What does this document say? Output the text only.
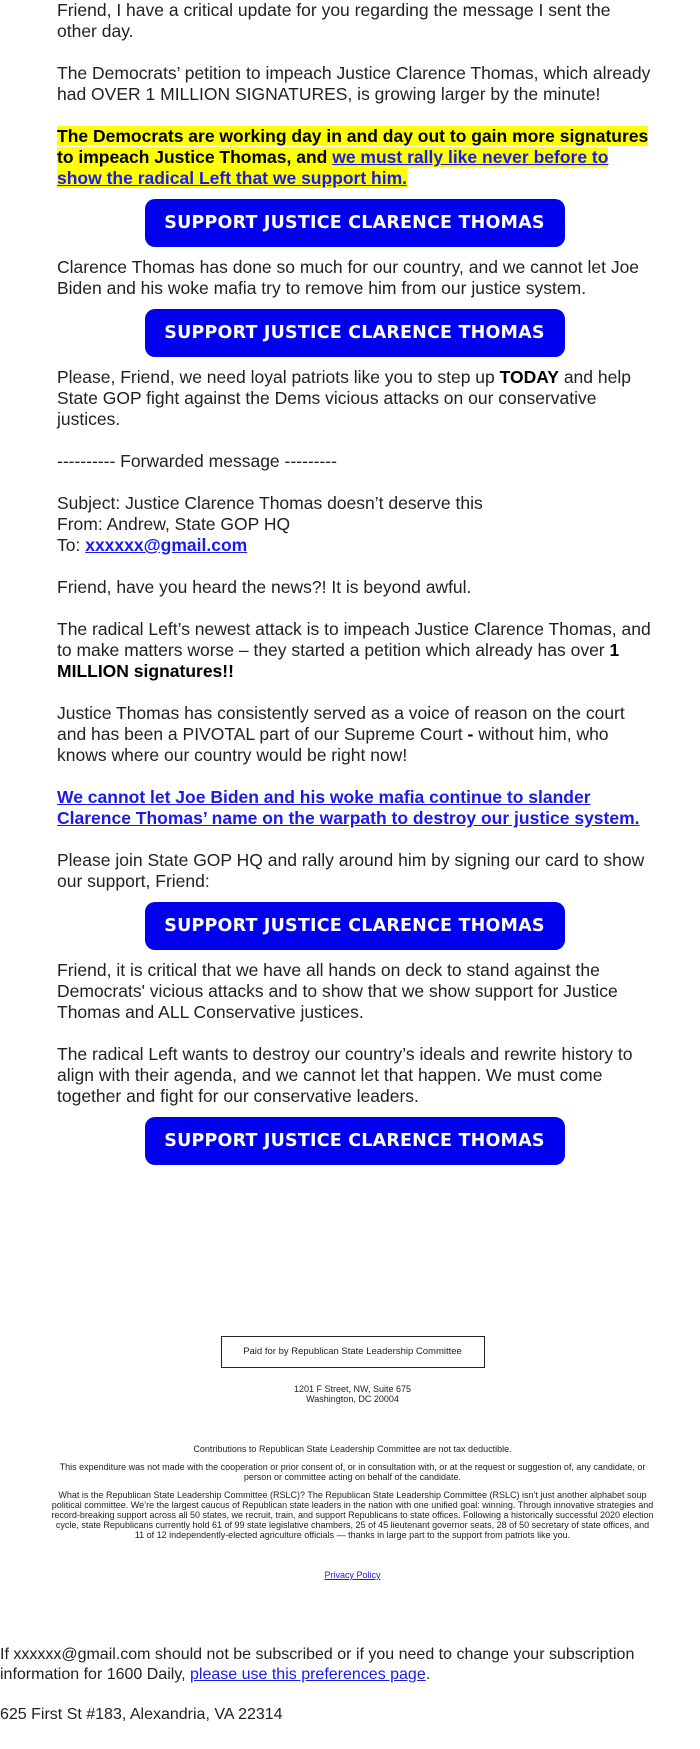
Friend, I have a critical update for you regarding the message I sent the other day.

The Democrats’ petition to impeach Justice Clarence Thomas, which already had OVER 1 MILLION SIGNATURES, is growing larger by the minute!

The Democrats are working day in and day out to gain more signatures to impeach Justice Thomas, and we must rally like never before to show the radical Left that we support him.

SUPPORT JUSTICE CLARENCE THOMAS

Clarence Thomas has done so much for our country, and we cannot let Joe Biden and his woke mafia try to remove him from our justice system.

SUPPORT JUSTICE CLARENCE THOMAS

Please, Friend, we need loyal patriots like you to step up TODAY and help State GOP fight against the Dems vicious attacks on our conservative justices.

---------- Forwarded message ---------

Subject: Justice Clarence Thomas doesn’t deserve this
From: Andrew, State GOP HQ
To: xxxxxx@gmail.com

Friend, have you heard the news?! It is beyond awful.

The radical Left’s newest attack is to impeach Justice Clarence Thomas, and to make matters worse – they started a petition which already has over 1 MILLION signatures!!

Justice Thomas has consistently served as a voice of reason on the court and has been a PIVOTAL part of our Supreme Court - without him, who knows where our country would be right now!

We cannot let Joe Biden and his woke mafia continue to slander Clarence Thomas’ name on the warpath to destroy our justice system.

Please join State GOP HQ and rally around him by signing our card to show our support, Friend:

SUPPORT JUSTICE CLARENCE THOMAS

Friend, it is critical that we have all hands on deck to stand against the Democrats' vicious attacks and to show that we show support for Justice Thomas and ALL Conservative justices.

The radical Left wants to destroy our country’s ideals and rewrite history to align with their agenda, and we cannot let that happen. We must come together and fight for our conservative leaders.

SUPPORT JUSTICE CLARENCE THOMAS
Paid for by Republican State Leadership Committee
1201 F Street, NW, Suite 675
Washington, DC 20004

Contributions to Republican State Leadership Committee are not tax deductible.

This expenditure was not made with the cooperation or prior consent of, or in consultation with, or at the request or suggestion of, any candidate, or person or committee acting on behalf of the candidate.

What is the Republican State Leadership Committee (RSLC)? The Republican State Leadership Committee (RSLC) isn’t just another alphabet soup political committee. We’re the largest caucus of Republican state leaders in the nation with one unified goal: winning. Through innovative strategies and record-breaking support across all 50 states, we recruit, train, and support Republicans to state offices. Following a historically successful 2020 election cycle, state Republicans currently hold 61 of 99 state legislative chambers, 25 of 45 lieutenant governor seats, 28 of 50 secretary of state offices, and 11 of 12 independently-elected agriculture officials — thanks in large part to the support from patriots like you.

Privacy Policy

If xxxxxx@gmail.com should not be subscribed or if you need to change your subscription information for 1600 Daily, please use this preferences page.

625 First St #183, Alexandria, VA 22314
